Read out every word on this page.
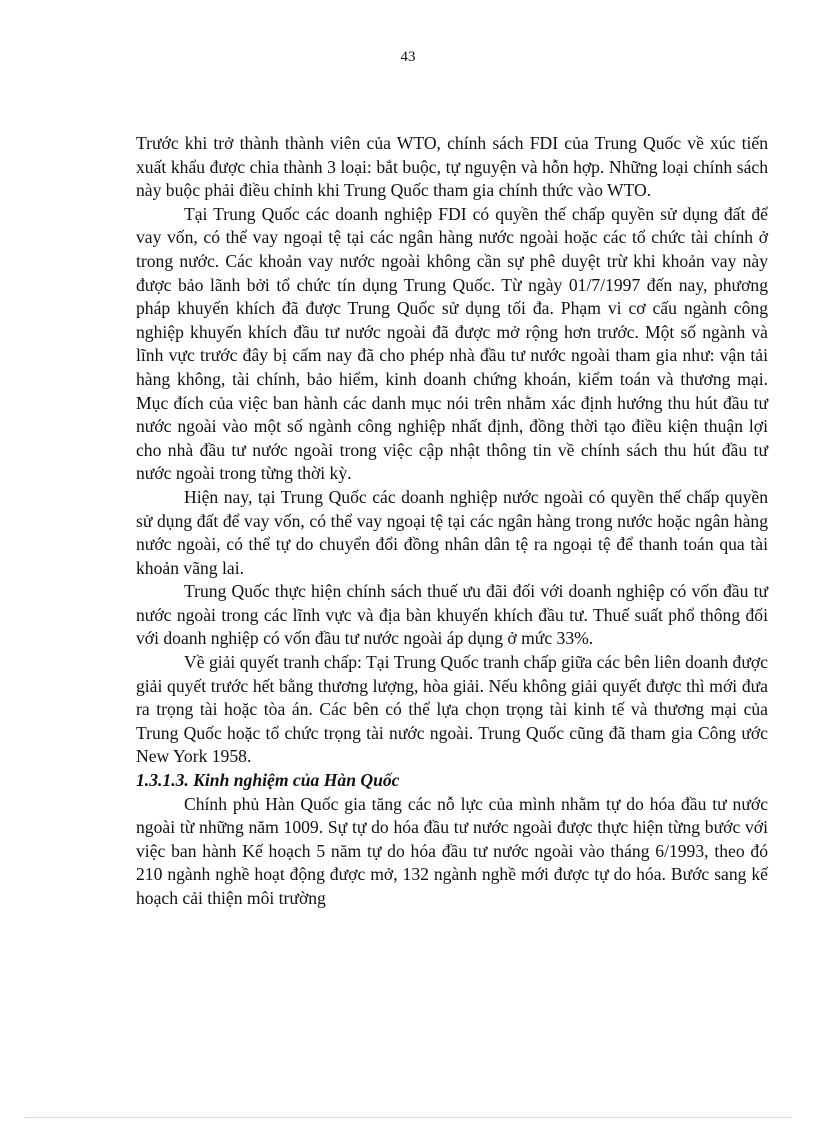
43

Trước khi trở thành thành viên của WTO, chính sách FDI của Trung Quốc về xúc tiến xuất khẩu được chia thành 3 loại: bắt buộc, tự nguyện và hỗn hợp. Những loại chính sách này buộc phải điều chỉnh khi Trung Quốc tham gia chính thức vào WTO.

Tại Trung Quốc các doanh nghiệp FDI có quyền thế chấp quyền sử dụng đất để vay vốn, có thể vay ngoại tệ tại các ngân hàng nước ngoài hoặc các tổ chức tài chính ở trong nước. Các khoản vay nước ngoài không cần sự phê duyệt trừ khi khoản vay này được bảo lãnh bởi tổ chức tín dụng Trung Quốc. Từ ngày 01/7/1997 đến nay, phương pháp khuyến khích đã được Trung Quốc sử dụng tối đa. Phạm vi cơ cấu ngành công nghiệp khuyến khích đầu tư nước ngoài đã được mở rộng hơn trước. Một số ngành và lĩnh vực trước đây bị cấm nay đã cho phép nhà đầu tư nước ngoài tham gia như: vận tải hàng không, tài chính, bảo hiểm, kinh doanh chứng khoán, kiểm toán và thương mại. Mục đích của việc ban hành các danh mục nói trên nhằm xác định hướng thu hút đầu tư nước ngoài vào một số ngành công nghiệp nhất định, đồng thời tạo điều kiện thuận lợi cho nhà đầu tư nước ngoài trong việc cập nhật thông tin về chính sách thu hút đầu tư nước ngoài trong từng thời kỳ.

Hiện nay, tại Trung Quốc các doanh nghiệp nước ngoài có quyền thế chấp quyền sử dụng đất để vay vốn, có thể vay ngoại tệ tại các ngân hàng trong nước hoặc ngân hàng nước ngoài, có thể tự do chuyển đổi đồng nhân dân tệ ra ngoại tệ để thanh toán qua tài khoản vãng lai.

Trung Quốc thực hiện chính sách thuế ưu đãi đối với doanh nghiệp có vốn đầu tư nước ngoài trong các lĩnh vực và địa bàn khuyến khích đầu tư. Thuế suất phổ thông đối với doanh nghiệp có vốn đầu tư nước ngoài áp dụng ở mức 33%.

Về giải quyết tranh chấp: Tại Trung Quốc tranh chấp giữa các bên liên doanh được giải quyết trước hết bằng thương lượng, hòa giải. Nếu không giải quyết được thì mới đưa ra trọng tài hoặc tòa án. Các bên có thể lựa chọn trọng tài kinh tế và thương mại của Trung Quốc hoặc tổ chức trọng tài nước ngoài. Trung Quốc cũng đã tham gia Công ước New York 1958.

1.3.1.3. Kinh nghiệm của Hàn Quốc

Chính phủ Hàn Quốc gia tăng các nỗ lực của mình nhằm tự do hóa đầu tư nước ngoài từ những năm 1009. Sự tự do hóa đầu tư nước ngoài được thực hiện từng bước với việc ban hành Kế hoạch 5 năm tự do hóa đầu tư nước ngoài vào tháng 6/1993, theo đó 210 ngành nghề hoạt động được mở, 132 ngành nghề mới được tự do hóa. Bước sang kế hoạch cải thiện môi trường
